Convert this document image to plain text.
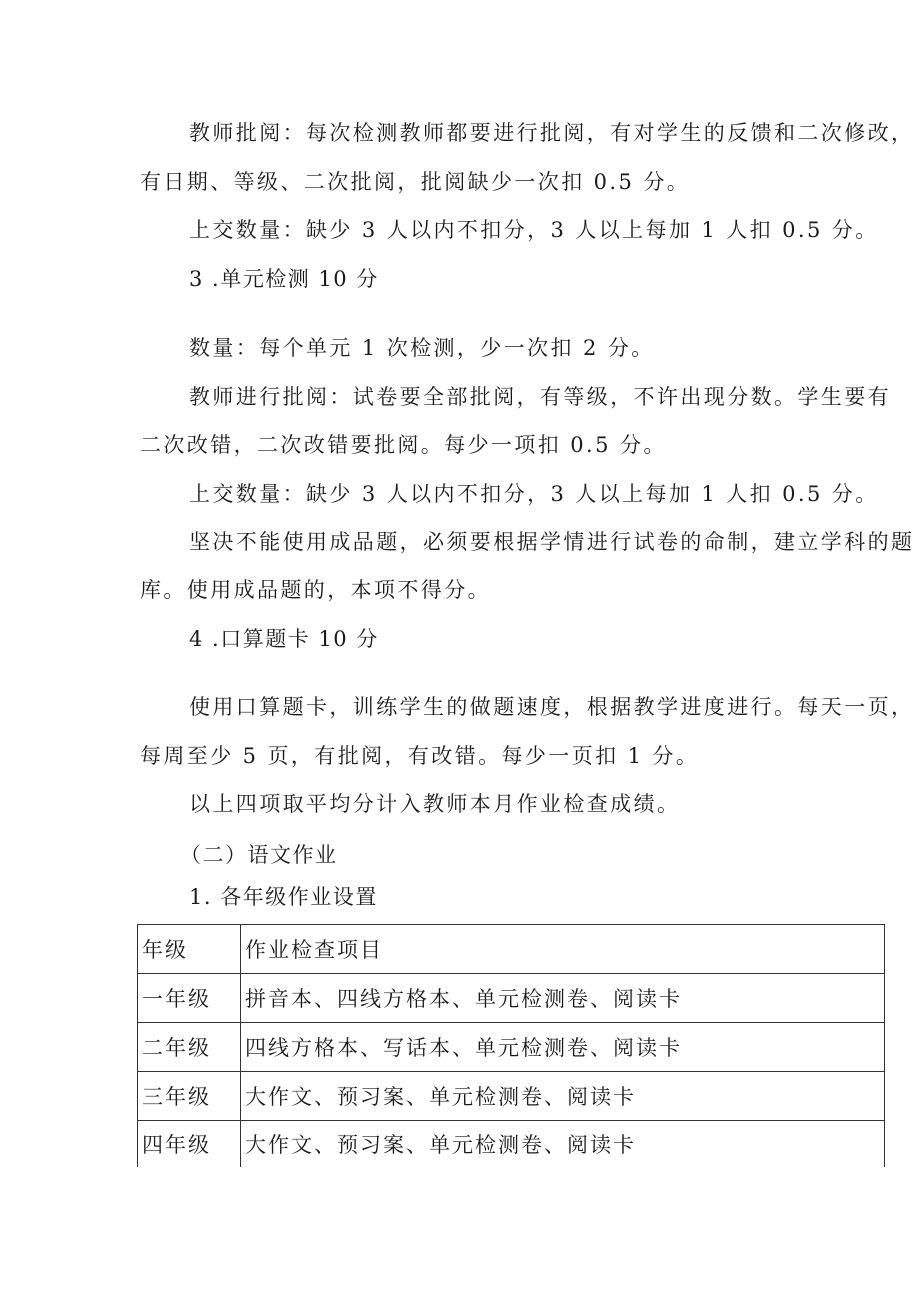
教师批阅：每次检测教师都要进行批阅，有对学生的反馈和二次修改，
有日期、等级、二次批阅，批阅缺少一次扣 0.5 分。
上交数量：缺少 3 人以内不扣分，3 人以上每加 1 人扣 0.5 分。
3 .单元检测 10 分
数量：每个单元 1 次检测，少一次扣 2 分。
教师进行批阅：试卷要全部批阅，有等级，不许出现分数。学生要有
二次改错，二次改错要批阅。每少一项扣 0.5 分。
上交数量：缺少 3 人以内不扣分，3 人以上每加 1 人扣 0.5 分。
坚决不能使用成品题，必须要根据学情进行试卷的命制，建立学科的题
库。使用成品题的，本项不得分。
4 .口算题卡 10 分
使用口算题卡，训练学生的做题速度，根据教学进度进行。每天一页，
每周至少 5 页，有批阅，有改错。每少一页扣 1 分。
以上四项取平均分计入教师本月作业检查成绩。
（二）语文作业
1. 各年级作业设置
年级	作业检查项目
一年级	拼音本、四线方格本、单元检测卷、阅读卡
二年级	四线方格本、写话本、单元检测卷、阅读卡
三年级	大作文、预习案、单元检测卷、阅读卡
四年级	大作文、预习案、单元检测卷、阅读卡
